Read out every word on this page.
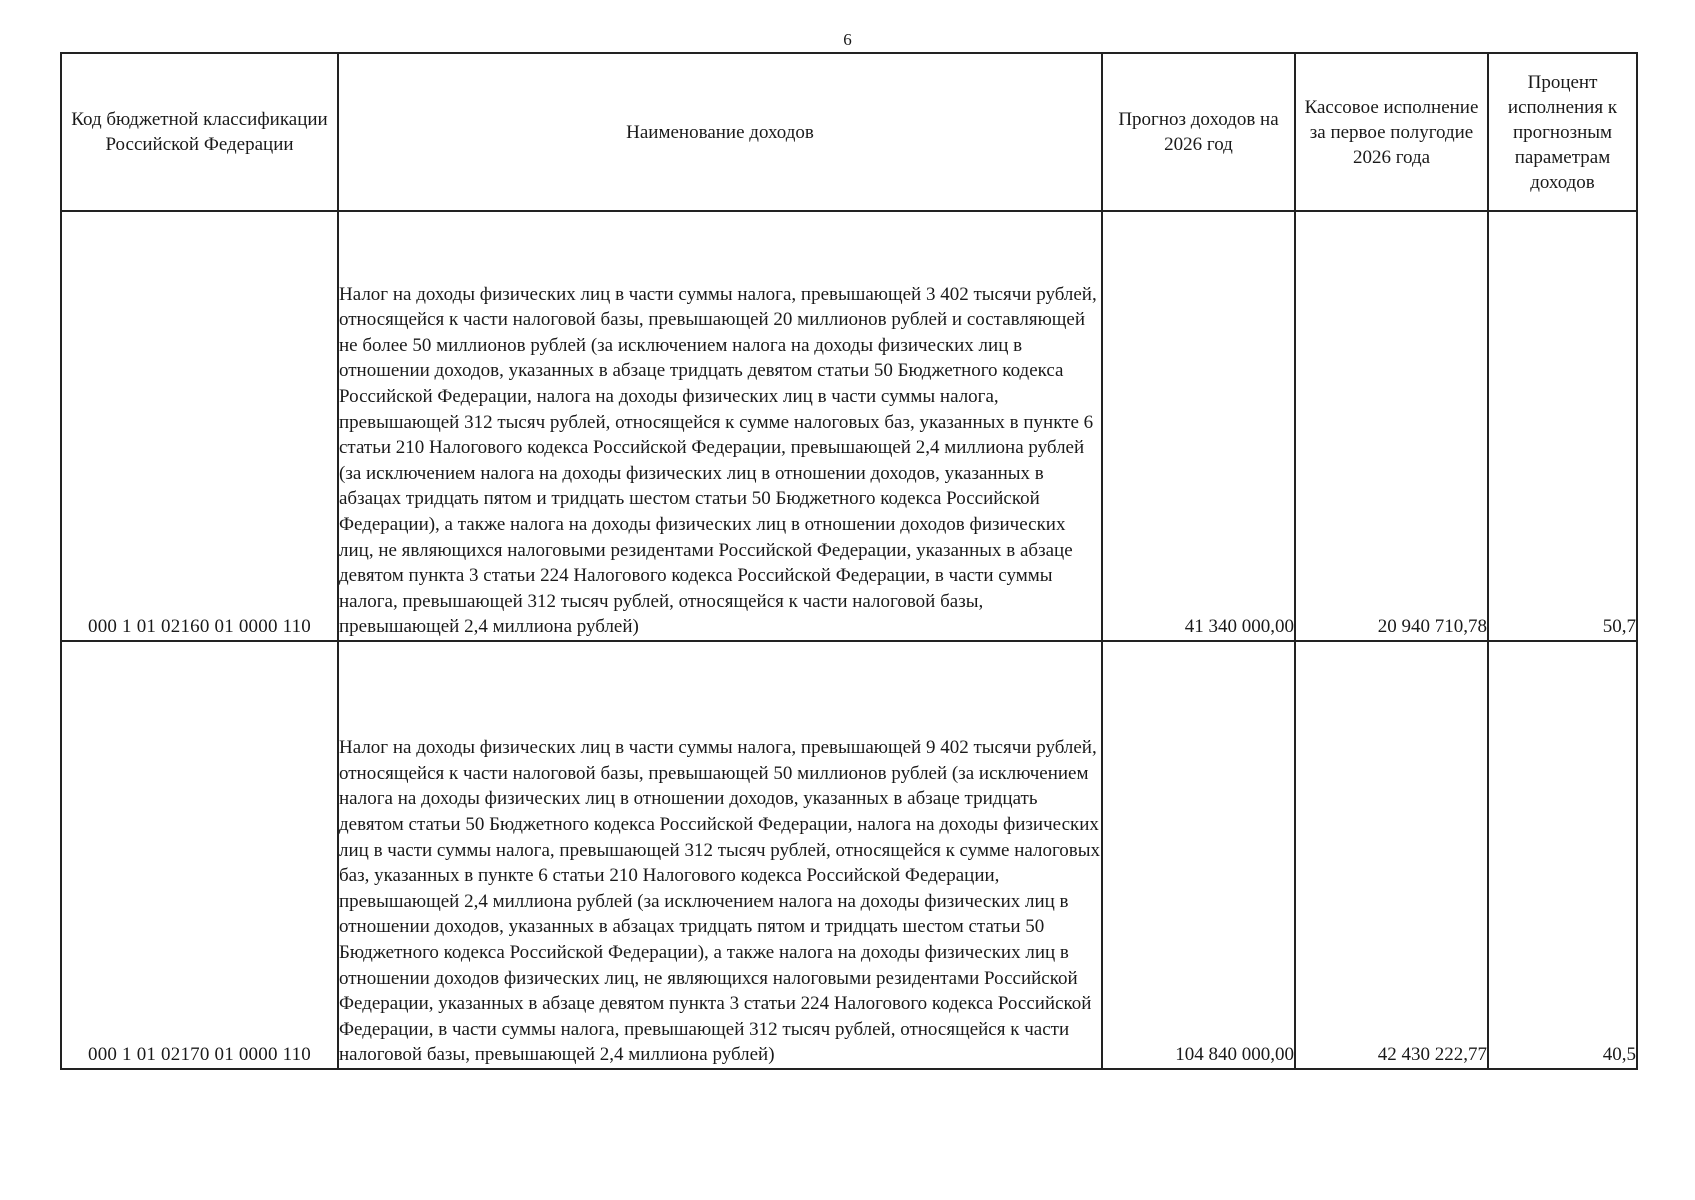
6
Код бюджетной классификации Российской Федерации	Наименование доходов	Прогноз доходов на 2026 год	Кассовое исполнение за первое полугодие 2026 года	Процент исполнения к прогнозным параметрам доходов
000 1 01 02160 01 0000 110	Налог на доходы физических лиц в части суммы налога, превышающей 3 402 тысячи рублей, относящейся к части налоговой базы, превышающей 20 миллионов рублей и составляющей не более 50 миллионов рублей (за исключением налога на доходы физических лиц в отношении доходов, указанных в абзаце тридцать девятом статьи 50 Бюджетного кодекса Российской Федерации, налога на доходы физических лиц в части суммы налога, превышающей 312 тысяч рублей, относящейся к сумме налоговых баз, указанных в пункте 6 статьи 210 Налогового кодекса Российской Федерации, превышающей 2,4 миллиона рублей (за исключением налога на доходы физических лиц в отношении доходов, указанных в абзацах тридцать пятом и тридцать шестом статьи 50 Бюджетного кодекса Российской Федерации), а также налога на доходы физических лиц в отношении доходов физических лиц, не являющихся налоговыми резидентами Российской Федерации, указанных в абзаце девятом пункта 3 статьи 224 Налогового кодекса Российской Федерации, в части суммы налога, превышающей 312 тысяч рублей, относящейся к части налоговой базы, превышающей 2,4 миллиона рублей)	41 340 000,00	20 940 710,78	50,7
000 1 01 02170 01 0000 110	Налог на доходы физических лиц в части суммы налога, превышающей 9 402 тысячи рублей, относящейся к части налоговой базы, превышающей 50 миллионов рублей (за исключением налога на доходы физических лиц в отношении доходов, указанных в абзаце тридцать девятом статьи 50 Бюджетного кодекса Российской Федерации, налога на доходы физических лиц в части суммы налога, превышающей 312 тысяч рублей, относящейся к сумме налоговых баз, указанных в пункте 6 статьи 210 Налогового кодекса Российской Федерации, превышающей 2,4 миллиона рублей (за исключением налога на доходы физических лиц в отношении доходов, указанных в абзацах тридцать пятом и тридцать шестом статьи 50 Бюджетного кодекса Российской Федерации), а также налога на доходы физических лиц в отношении доходов физических лиц, не являющихся налоговыми резидентами Российской Федерации, указанных в абзаце девятом пункта 3 статьи 224 Налогового кодекса Российской Федерации, в части суммы налога, превышающей 312 тысяч рублей, относящейся к части налоговой базы, превышающей 2,4 миллиона рублей)	104 840 000,00	42 430 222,77	40,5
